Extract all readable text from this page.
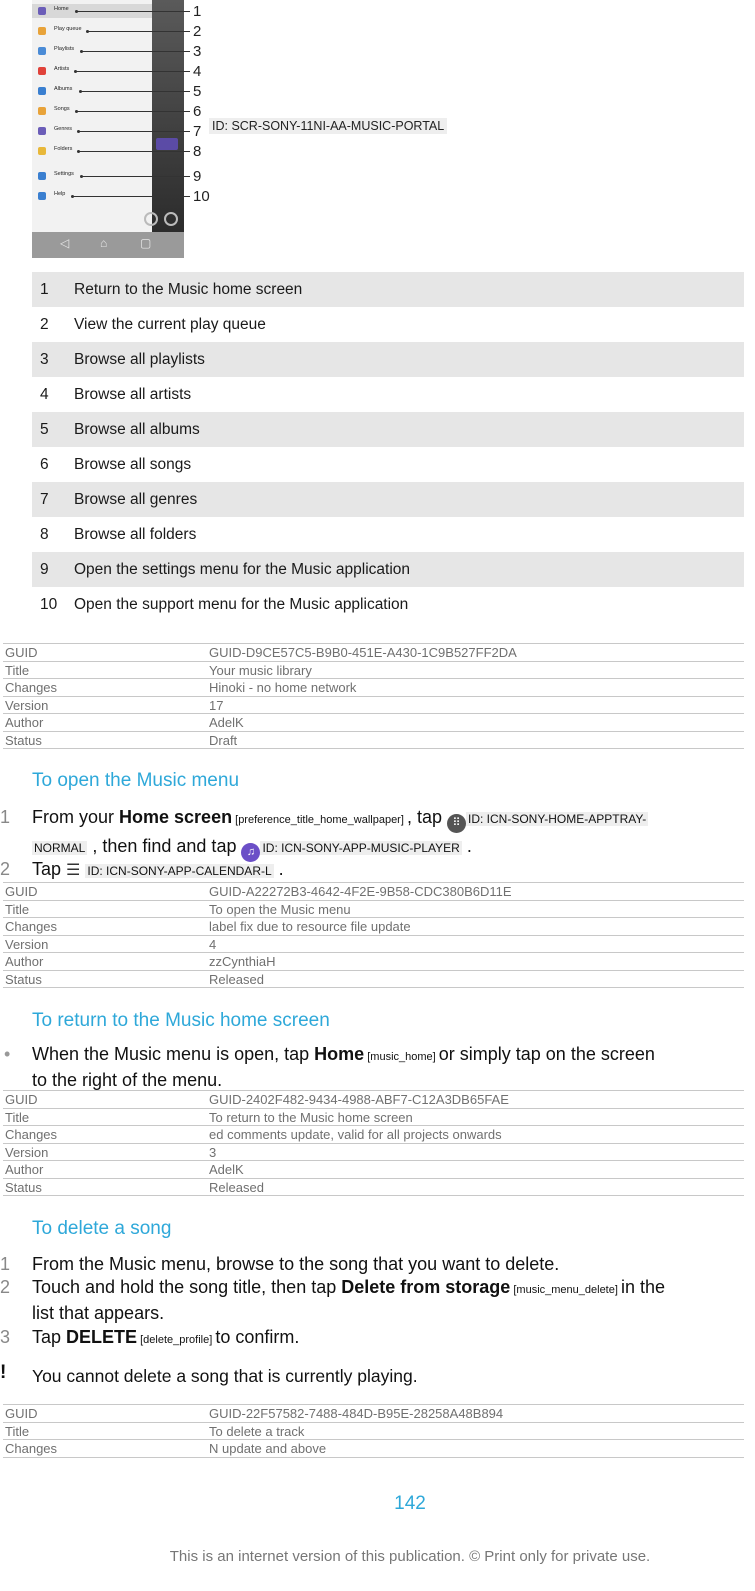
Home
Play queue
Playlists
Artists
Albums
Songs
Genres
Folders
Settings
Help
◁	⌂	▢
1
2
3
4
5
6
7
8
9
10
ID: SCR-SONY-11NI-AA-MUSIC-PORTAL
1	Return to the Music home screen
2	View the current play queue
3	Browse all playlists
4	Browse all artists
5	Browse all albums
6	Browse all songs
7	Browse all genres
8	Browse all folders
9	Open the settings menu for the Music application
10	Open the support menu for the Music application
GUID	GUID-D9CE57C5-B9B0-451E-A430-1C9B527FF2DA
Title	Your music library
Changes	Hinoki - no home network
Version	17
Author	AdelK
Status	Draft
To open the Music menu
1 From your Home screen [preference_title_home_wallpaper] , tap ⠿ ID: ICN-SONY-HOME-APPTRAY-
NORMAL , then find and tap ♫ ID: ICN-SONY-APP-MUSIC-PLAYER .
2 Tap ☰ ID: ICN-SONY-APP-CALENDAR-L .
GUID	GUID-A22272B3-4642-4F2E-9B58-CDC380B6D11E
Title	To open the Music menu
Changes	label fix due to resource file update
Version	4
Author	zzCynthiaH
Status	Released
To return to the Music home screen
• When the Music menu is open, tap Home [music_home] or simply tap on the screen
to the right of the menu.
GUID	GUID-2402F482-9434-4988-ABF7-C12A3DB65FAE
Title	To return to the Music home screen
Changes	ed comments update, valid for all projects onwards
Version	3
Author	AdelK
Status	Released
To delete a song
1 From the Music menu, browse to the song that you want to delete.
2 Touch and hold the song title, then tap Delete from storage [music_menu_delete] in the
list that appears.
3 Tap DELETE [delete_profile] to confirm.
! You cannot delete a song that is currently playing.
GUID	GUID-22F57582-7488-484D-B95E-28258A48B894
Title	To delete a track
Changes	N update and above
142
This is an internet version of this publication. © Print only for private use.
